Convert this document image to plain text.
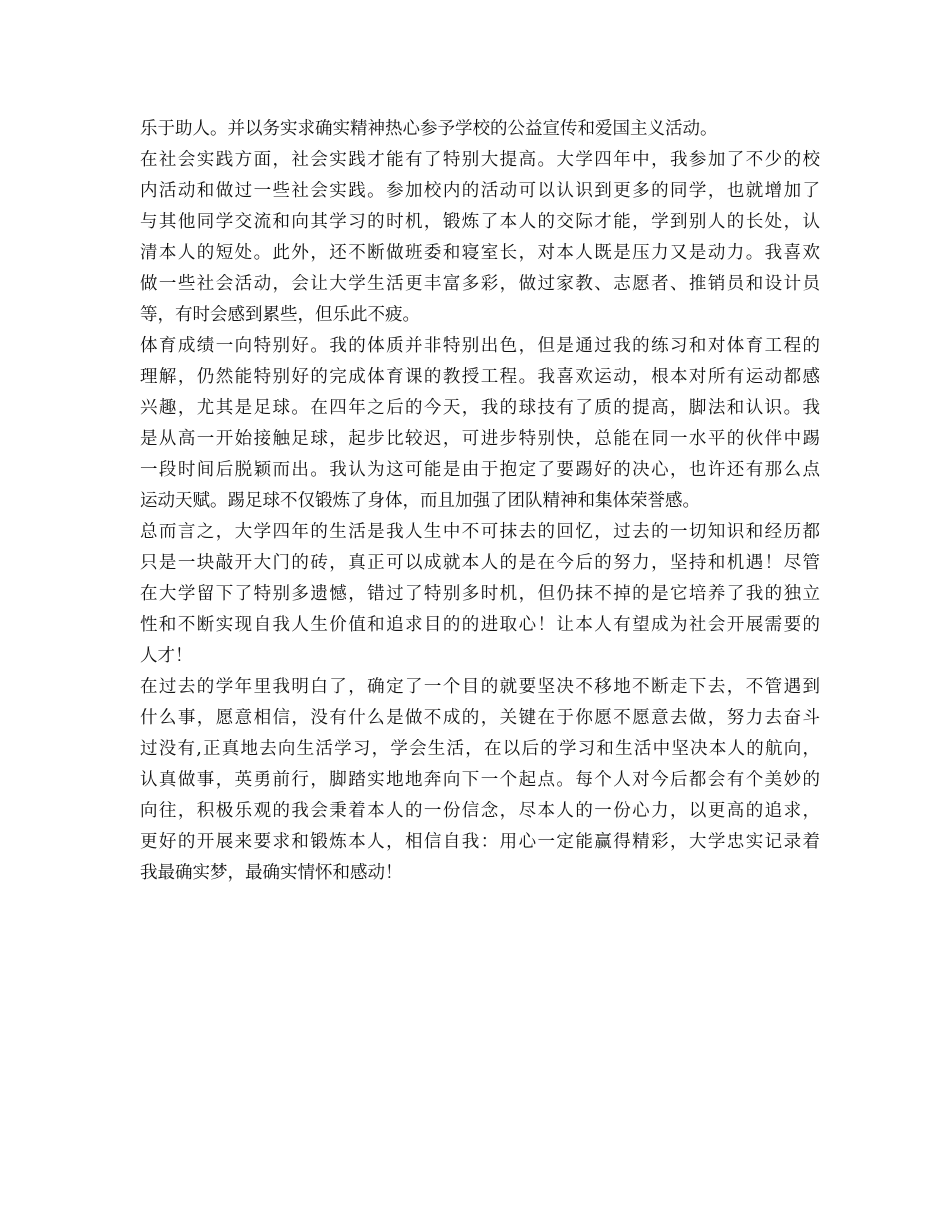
乐于助人。并以务实求确实精神热心参予学校的公益宣传和爱国主义活动。
在社会实践方面，社会实践才能有了特别大提高。大学四年中，我参加了不少的校
内活动和做过一些社会实践。参加校内的活动可以认识到更多的同学，也就增加了
与其他同学交流和向其学习的时机，锻炼了本人的交际才能，学到别人的长处，认
清本人的短处。此外，还不断做班委和寝室长，对本人既是压力又是动力。我喜欢
做一些社会活动，会让大学生活更丰富多彩，做过家教、志愿者、推销员和设计员
等，有时会感到累些，但乐此不疲。
体育成绩一向特别好。我的体质并非特别出色，但是通过我的练习和对体育工程的
理解，仍然能特别好的完成体育课的教授工程。我喜欢运动，根本对所有运动都感
兴趣，尤其是足球。在四年之后的今天，我的球技有了质的提高，脚法和认识。我
是从高一开始接触足球，起步比较迟，可进步特别快，总能在同一水平的伙伴中踢
一段时间后脱颖而出。我认为这可能是由于抱定了要踢好的决心，也许还有那么点
运动天赋。踢足球不仅锻炼了身体，而且加强了团队精神和集体荣誉感。
总而言之，大学四年的生活是我人生中不可抹去的回忆，过去的一切知识和经历都
只是一块敲开大门的砖，真正可以成就本人的是在今后的努力，坚持和机遇！尽管
在大学留下了特别多遗憾，错过了特别多时机，但仍抹不掉的是它培养了我的独立
性和不断实现自我人生价值和追求目的的进取心！让本人有望成为社会开展需要的
人才！
在过去的学年里我明白了，确定了一个目的就要坚决不移地不断走下去，不管遇到
什么事，愿意相信，没有什么是做不成的，关键在于你愿不愿意去做，努力去奋斗
过没有,正真地去向生活学习，学会生活，在以后的学习和生活中坚决本人的航向，
认真做事，英勇前行，脚踏实地地奔向下一个起点。每个人对今后都会有个美妙的
向往，积极乐观的我会秉着本人的一份信念，尽本人的一份心力，以更高的追求，
更好的开展来要求和锻炼本人，相信自我：用心一定能赢得精彩，大学忠实记录着
我最确实梦，最确实情怀和感动！
